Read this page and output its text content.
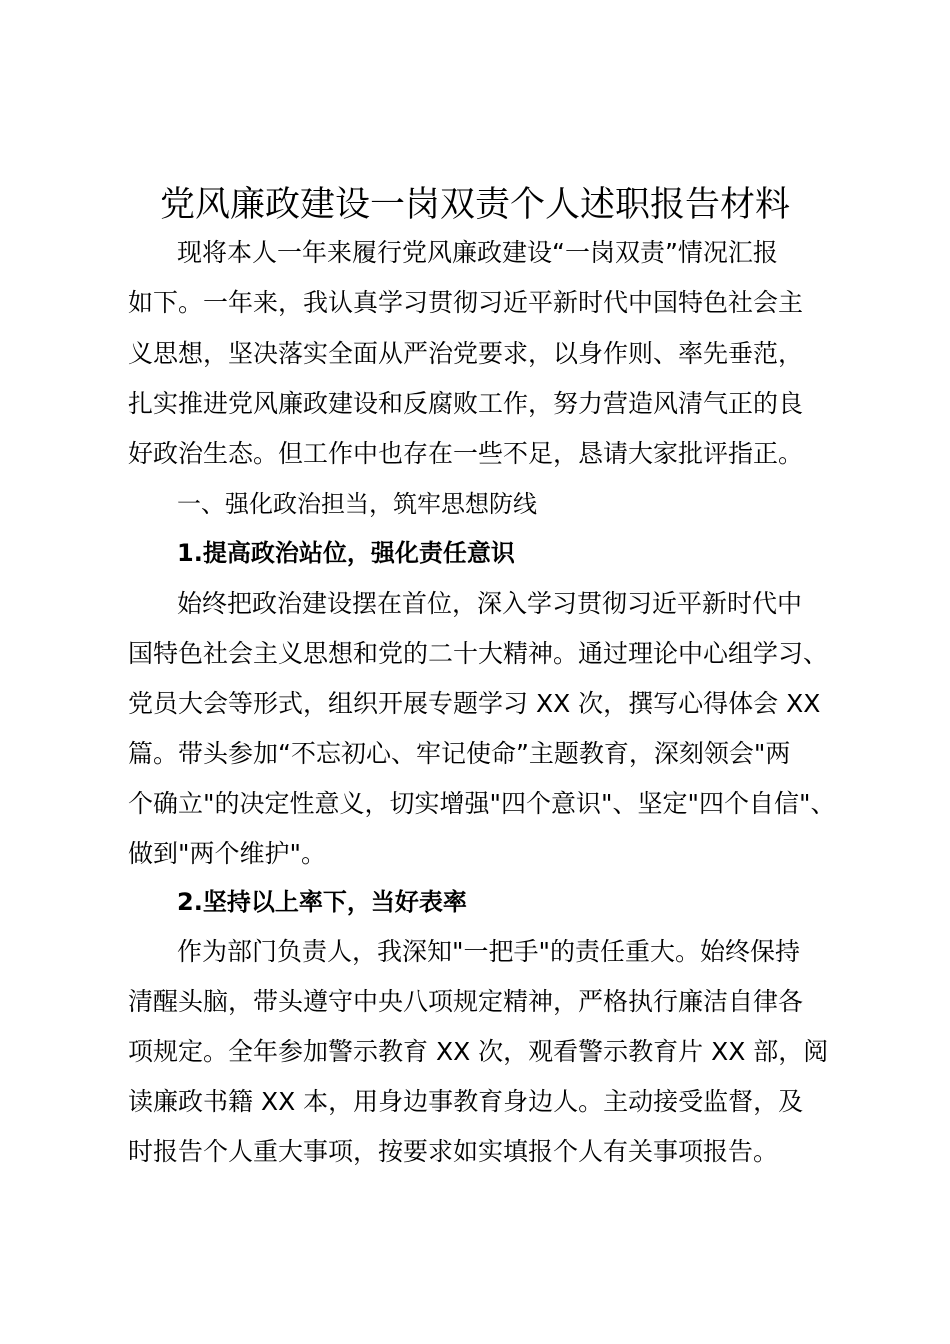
党风廉政建设一岗双责个人述职报告材料
现将本人一年来履行党风廉政建设“一岗双责”情况汇报
如下。一年来，我认真学习贯彻习近平新时代中国特色社会主
义思想，坚决落实全面从严治党要求，以身作则、率先垂范，
扎实推进党风廉政建设和反腐败工作，努力营造风清气正的良
好政治生态。但工作中也存在一些不足，恳请大家批评指正。
一、强化政治担当，筑牢思想防线
1.提高政治站位，强化责任意识
始终把政治建设摆在首位，深入学习贯彻习近平新时代中
国特色社会主义思想和党的二十大精神。通过理论中心组学习、
党员大会等形式，组织开展专题学习 XX 次，撰写心得体会 XX
篇。带头参加“不忘初心、牢记使命”主题教育，深刻领会"两
个确立"的决定性意义，切实增强"四个意识"、坚定"四个自信"、
做到"两个维护"。
2.坚持以上率下，当好表率
作为部门负责人，我深知"一把手"的责任重大。始终保持
清醒头脑，带头遵守中央八项规定精神，严格执行廉洁自律各
项规定。全年参加警示教育 XX 次，观看警示教育片 XX 部，阅
读廉政书籍 XX 本，用身边事教育身边人。主动接受监督，及
时报告个人重大事项，按要求如实填报个人有关事项报告。
